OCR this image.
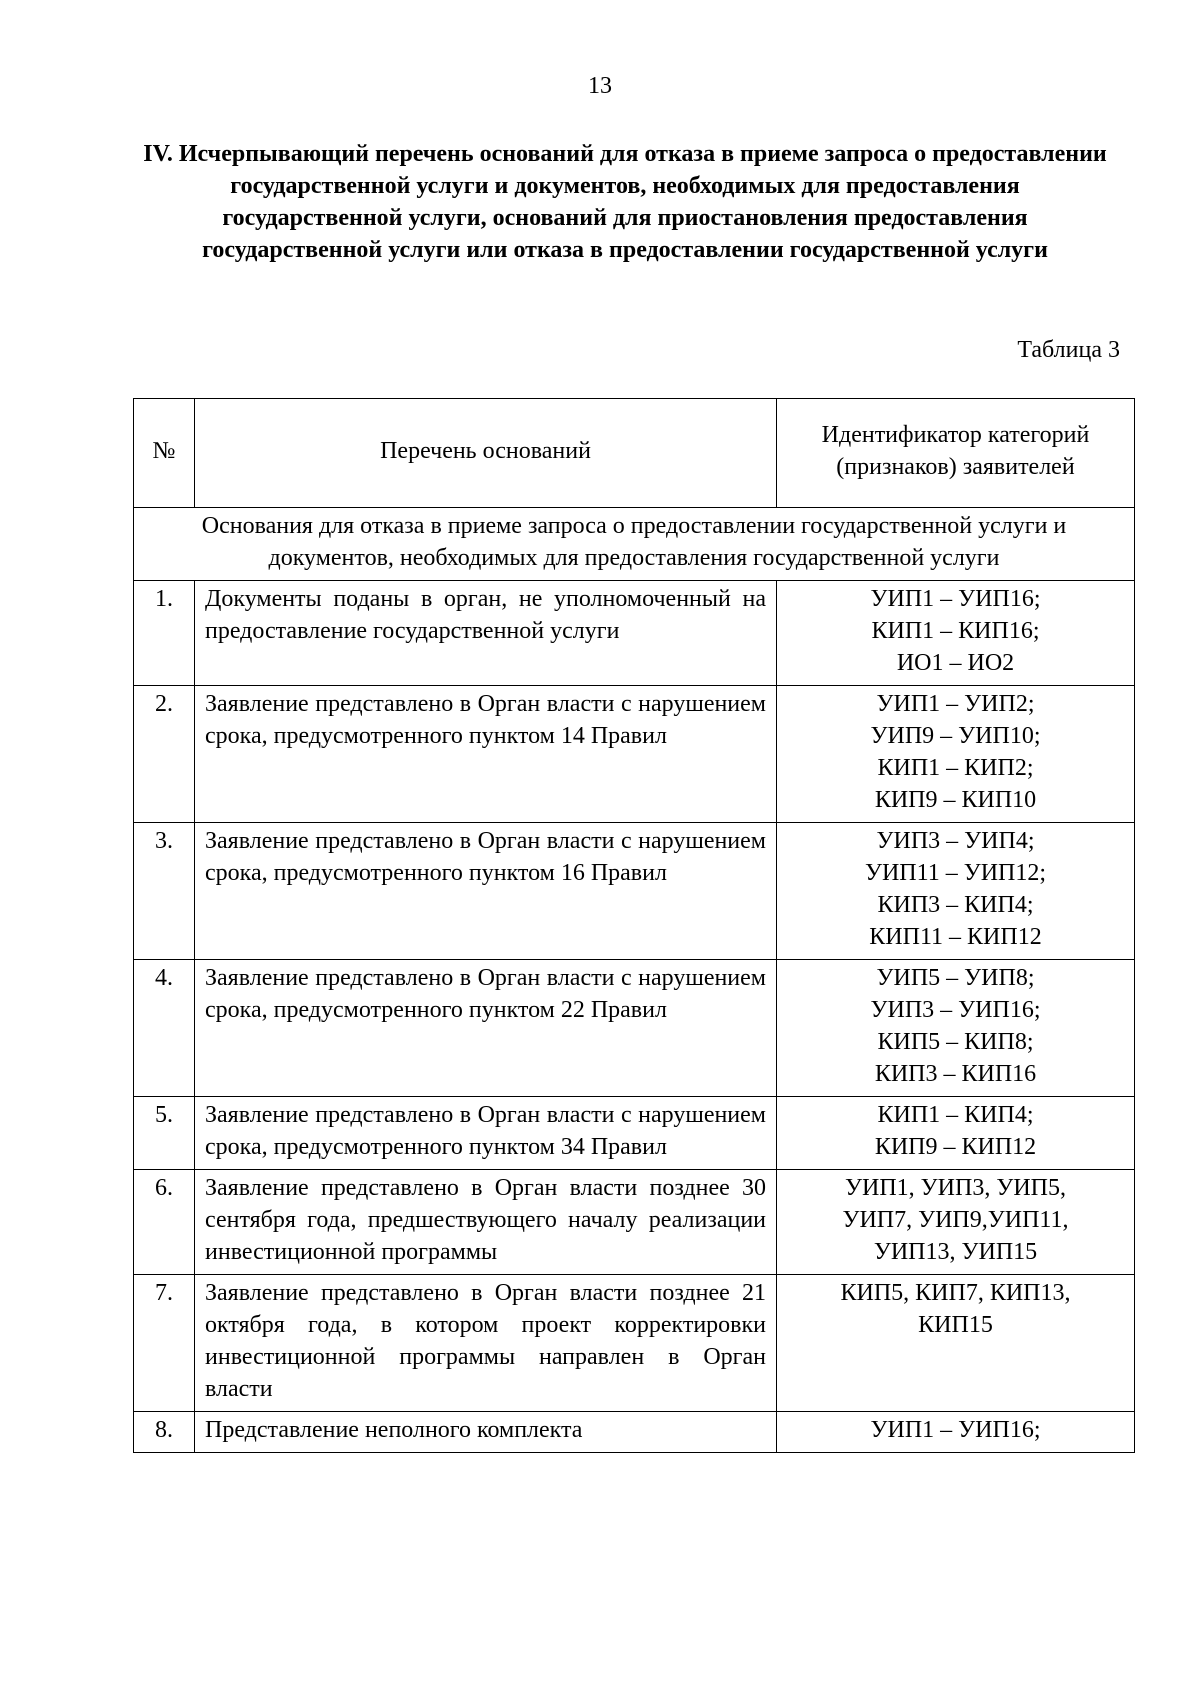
13
IV. Исчерпывающий перечень оснований для отказа в приеме запроса о предоставлении государственной услуги и документов, необходимых для предоставления государственной услуги, оснований для приостановления предоставления государственной услуги или отказа в предоставлении государственной услуги
Таблица 3
№	Перечень оснований	Идентификатор категорий (признаков) заявителей
Основания для отказа в приеме запроса о предоставлении государственной услуги и документов, необходимых для предоставления государственной услуги		
1.	Документы поданы в орган, не уполномоченный на предоставление государственной услуги	УИП1 – УИП16;
КИП1 – КИП16;
ИО1 – ИО2

2.	Заявление представлено в Орган власти с нарушением срока, предусмотренного пунктом 14 Правил	УИП1 – УИП2;
УИП9 – УИП10;
КИП1 – КИП2;
КИП9 – КИП10

3.	Заявление представлено в Орган власти с нарушением срока, предусмотренного пунктом 16 Правил	УИП3 – УИП4;
УИП11 – УИП12;
КИП3 – КИП4;
КИП11 – КИП12

4.	Заявление представлено в Орган власти с нарушением срока, предусмотренного пунктом 22 Правил	УИП5 – УИП8;
УИП3 – УИП16;
КИП5 – КИП8;
КИП3 – КИП16

5.	Заявление представлено в Орган власти с нарушением срока, предусмотренного пунктом 34 Правил	КИП1 – КИП4;
КИП9 – КИП12

6.	Заявление представлено в Орган власти позднее 30 сентября года, предшествующего началу реализации инвестиционной программы	УИП1, УИП3, УИП5,
УИП7, УИП9,УИП11,
УИП13, УИП15

7.	Заявление представлено в Орган власти позднее 21 октября года, в котором проект корректировки инвестиционной программы направлен в Орган власти	КИП5, КИП7, КИП13,
КИП15

8.	Представление неполного комплекта	УИП1 – УИП16;
